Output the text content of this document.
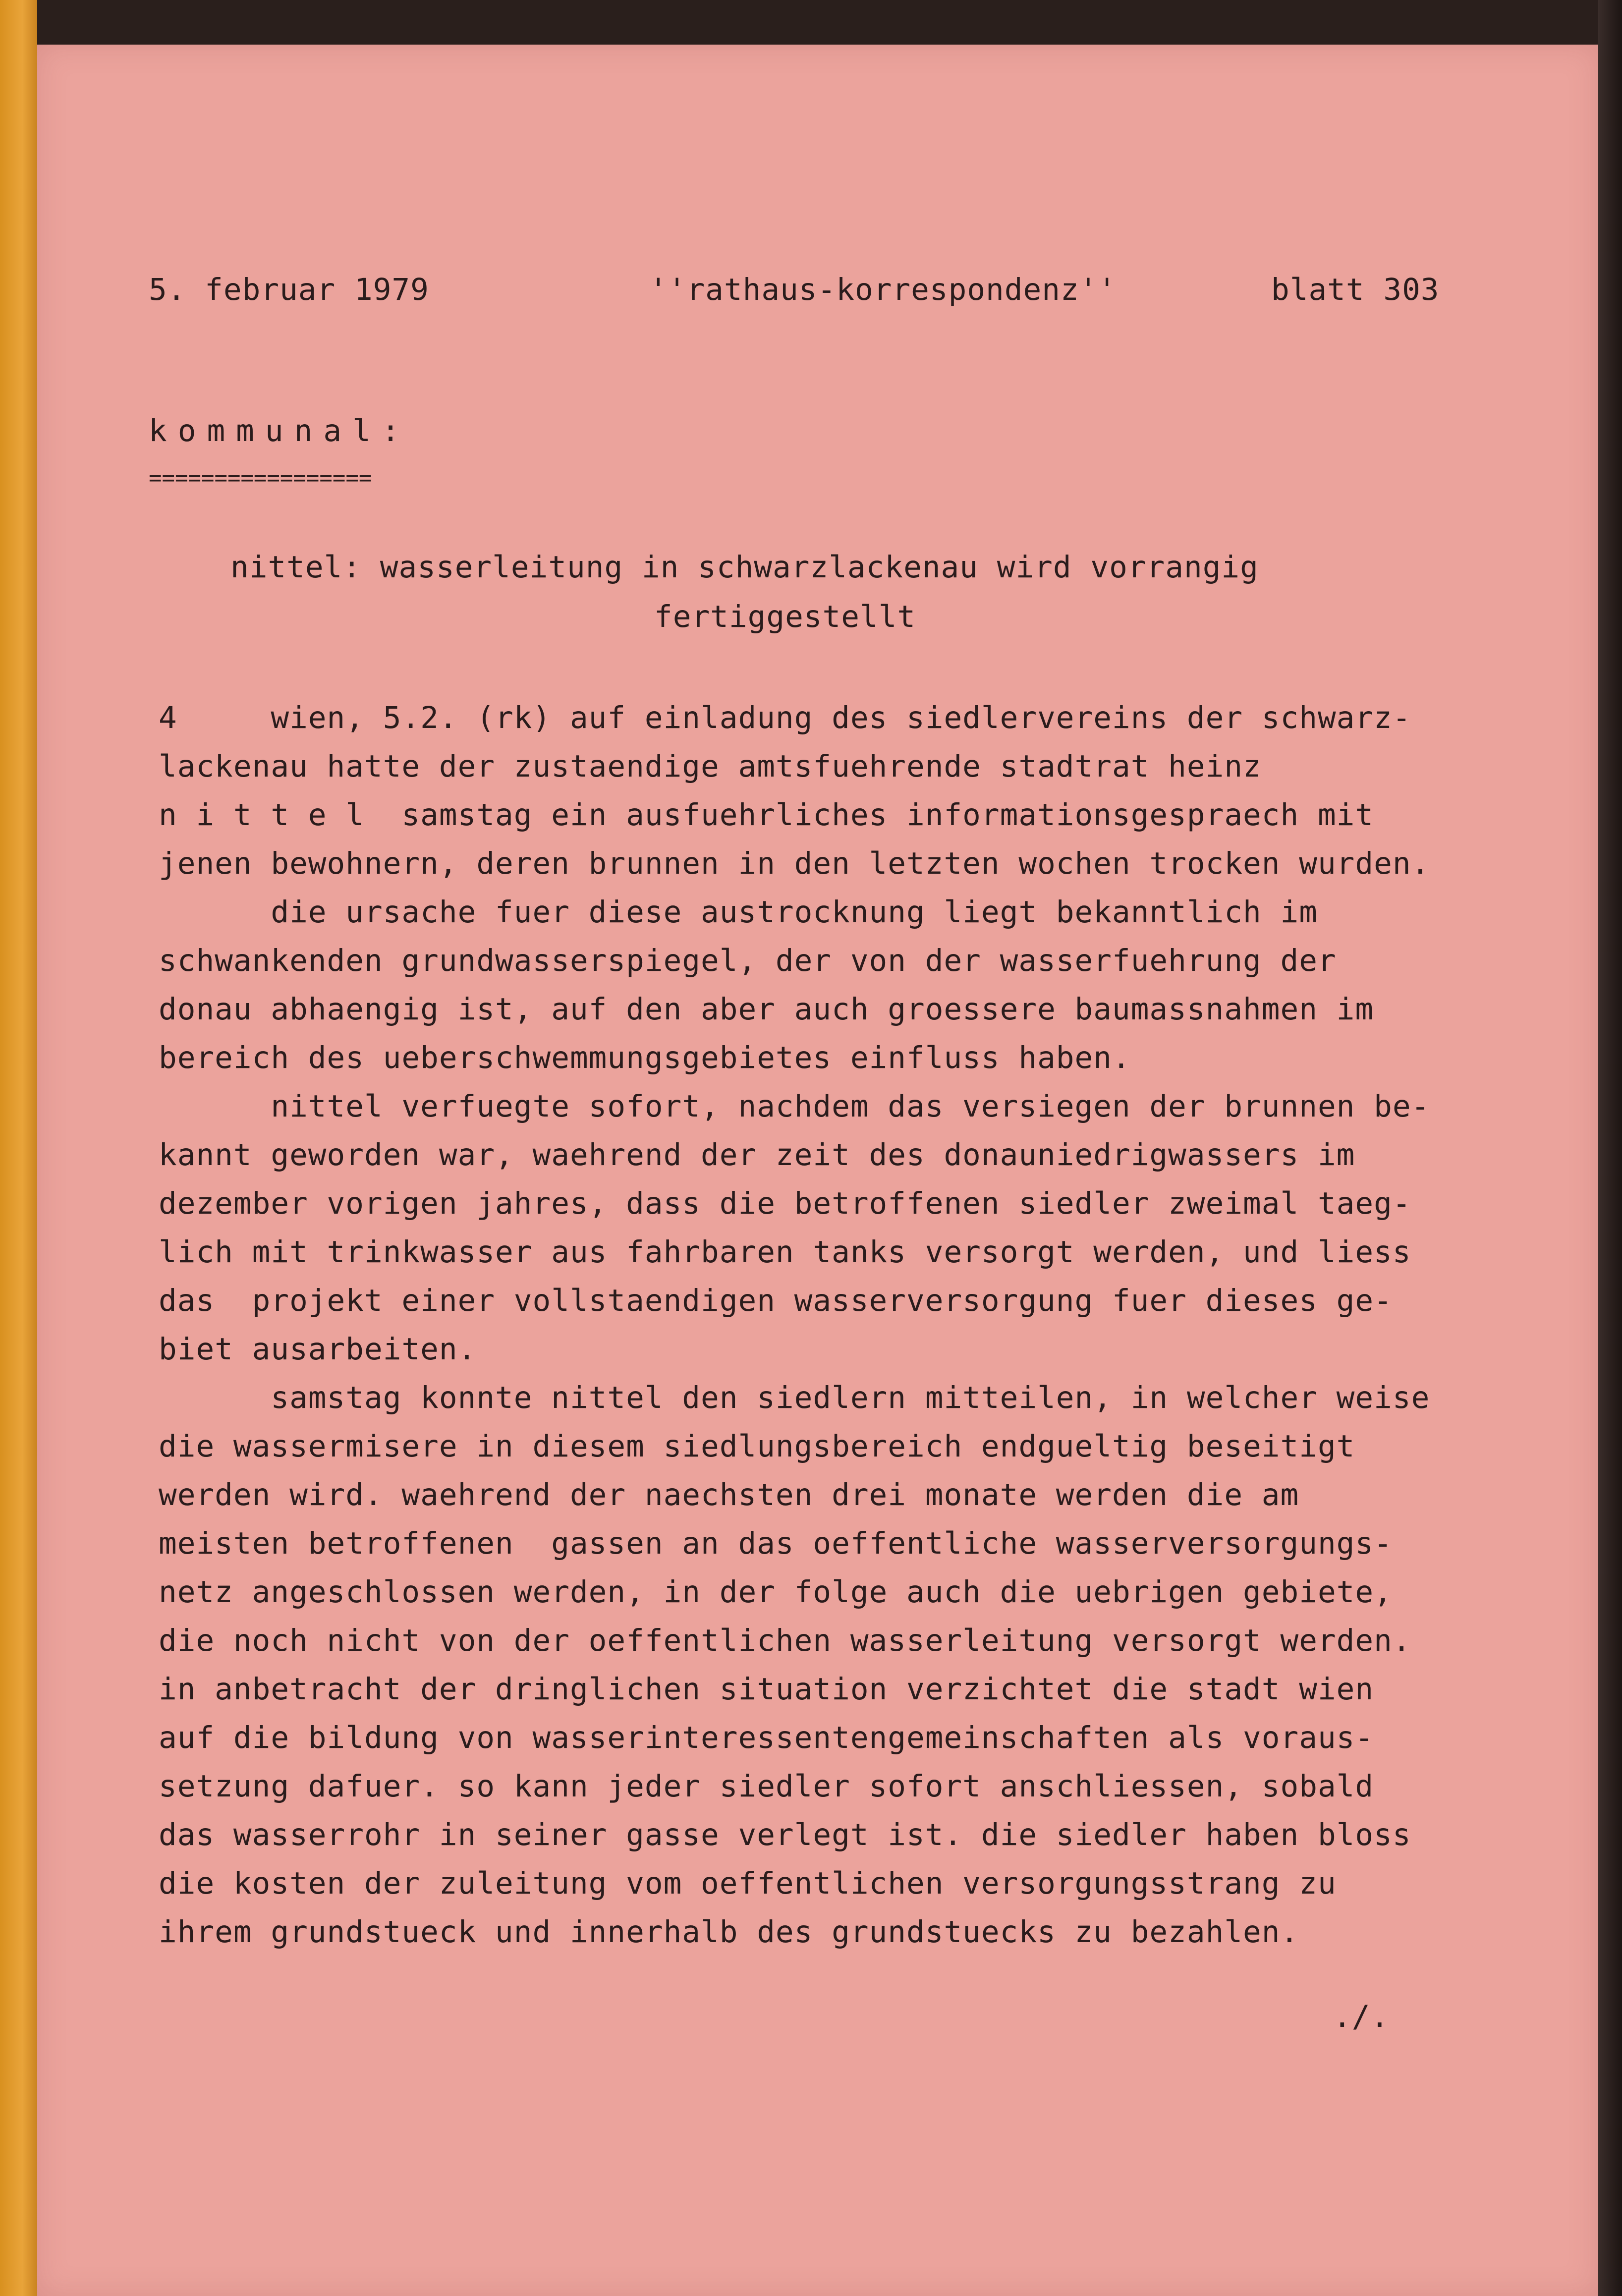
5. februar 1979	''rathaus-korrespondenz''	blatt 303

kommunal:

=================

nittel: wasserleitung in schwarzlackenau wird vorrangig

fertiggestellt

4     wien, 5.2. (rk) auf einladung des siedlervereins der schwarz-
lackenau hatte der zustaendige amtsfuehrende stadtrat heinz
n i t t e l  samstag ein ausfuehrliches informationsgespraech mit
jenen bewohnern, deren brunnen in den letzten wochen trocken wurden.
die ursache fuer diese austrocknung liegt bekanntlich im
schwankenden grundwasserspiegel, der von der wasserfuehrung der
donau abhaengig ist, auf den aber auch groessere baumassnahmen im
bereich des ueberschwemmungsgebietes einfluss haben.
nittel verfuegte sofort, nachdem das versiegen der brunnen be-
kannt geworden war, waehrend der zeit des donauniedrigwassers im
dezember vorigen jahres, dass die betroffenen siedler zweimal taeg-
lich mit trinkwasser aus fahrbaren tanks versorgt werden, und liess
das  projekt einer vollstaendigen wasserversorgung fuer dieses ge-
biet ausarbeiten.
samstag konnte nittel den siedlern mitteilen, in welcher weise
die wassermisere in diesem siedlungsbereich endgueltig beseitigt
werden wird. waehrend der naechsten drei monate werden die am
meisten betroffenen  gassen an das oeffentliche wasserversorgungs-
netz angeschlossen werden, in der folge auch die uebrigen gebiete,
die noch nicht von der oeffentlichen wasserleitung versorgt werden.
in anbetracht der dringlichen situation verzichtet die stadt wien
auf die bildung von wasserinteressentengemeinschaften als voraus-
setzung dafuer. so kann jeder siedler sofort anschliessen, sobald
das wasserrohr in seiner gasse verlegt ist. die siedler haben bloss
die kosten der zuleitung vom oeffentlichen versorgungsstrang zu
ihrem grundstueck und innerhalb des grundstuecks zu bezahlen.

./.
